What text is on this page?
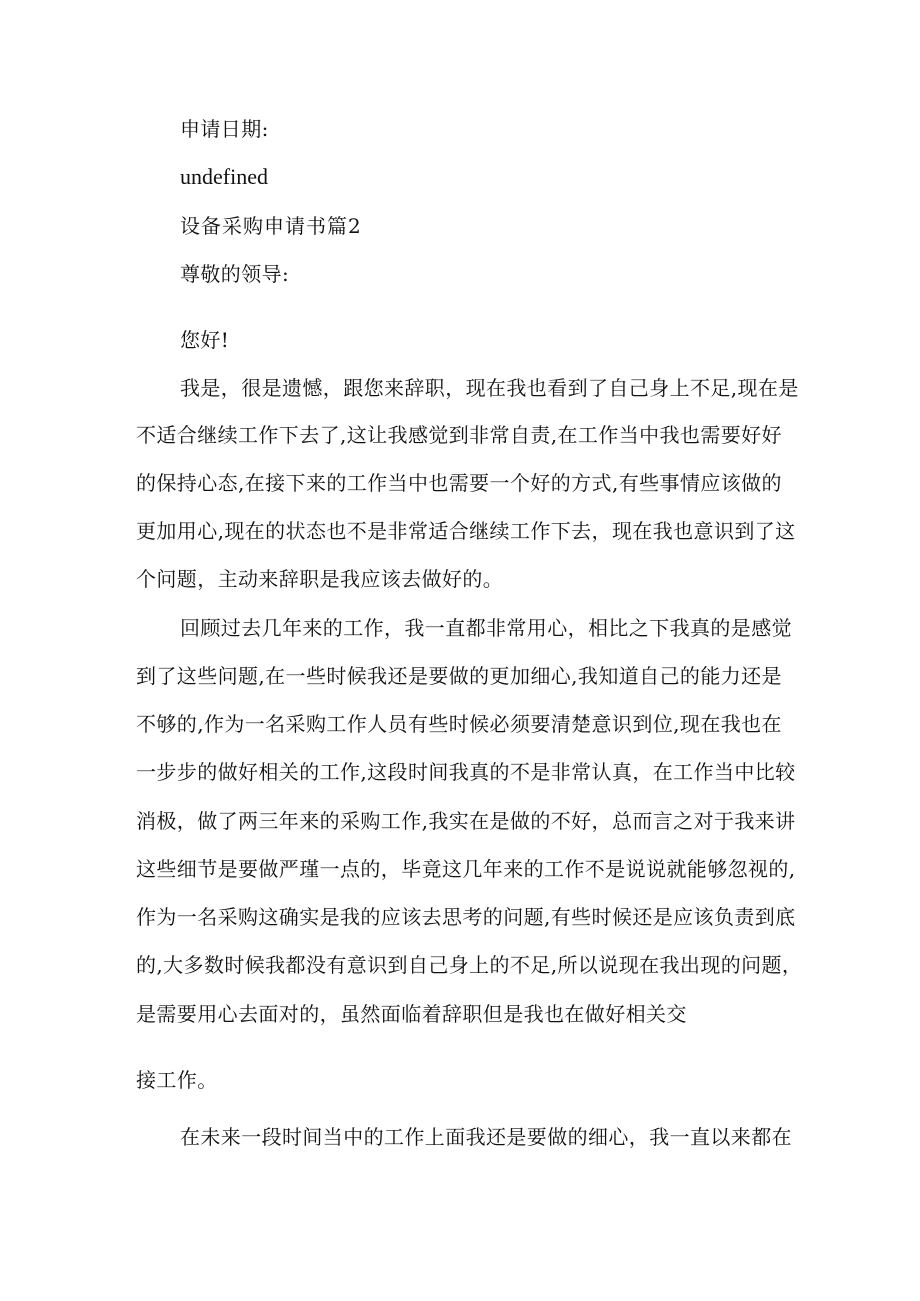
申请日期:
undefined
设备采购申请书篇2
尊敬的领导:
您好!
我是，很是遗憾，跟您来辞职，现在我也看到了自己身上不足,现在是
不适合继续工作下去了,这让我感觉到非常自责,在工作当中我也需要好好
的保持心态,在接下来的工作当中也需要一个好的方式,有些事情应该做的
更加用心,现在的状态也不是非常适合继续工作下去，现在我也意识到了这
个问题，主动来辞职是我应该去做好的。
回顾过去几年来的工作，我一直都非常用心，相比之下我真的是感觉
到了这些问题,在一些时候我还是要做的更加细心,我知道自己的能力还是
不够的,作为一名采购工作人员有些时候必须要清楚意识到位,现在我也在
一步步的做好相关的工作,这段时间我真的不是非常认真，在工作当中比较
消极，做了两三年来的采购工作,我实在是做的不好，总而言之对于我来讲
这些细节是要做严瑾一点的，毕竟这几年来的工作不是说说就能够忽视的,
作为一名采购这确实是我的应该去思考的问题,有些时候还是应该负责到底
的,大多数时候我都没有意识到自己身上的不足,所以说现在我出现的问题，
是需要用心去面对的，虽然面临着辞职但是我也在做好相关交
接工作。
在未来一段时间当中的工作上面我还是要做的细心，我一直以来都在
